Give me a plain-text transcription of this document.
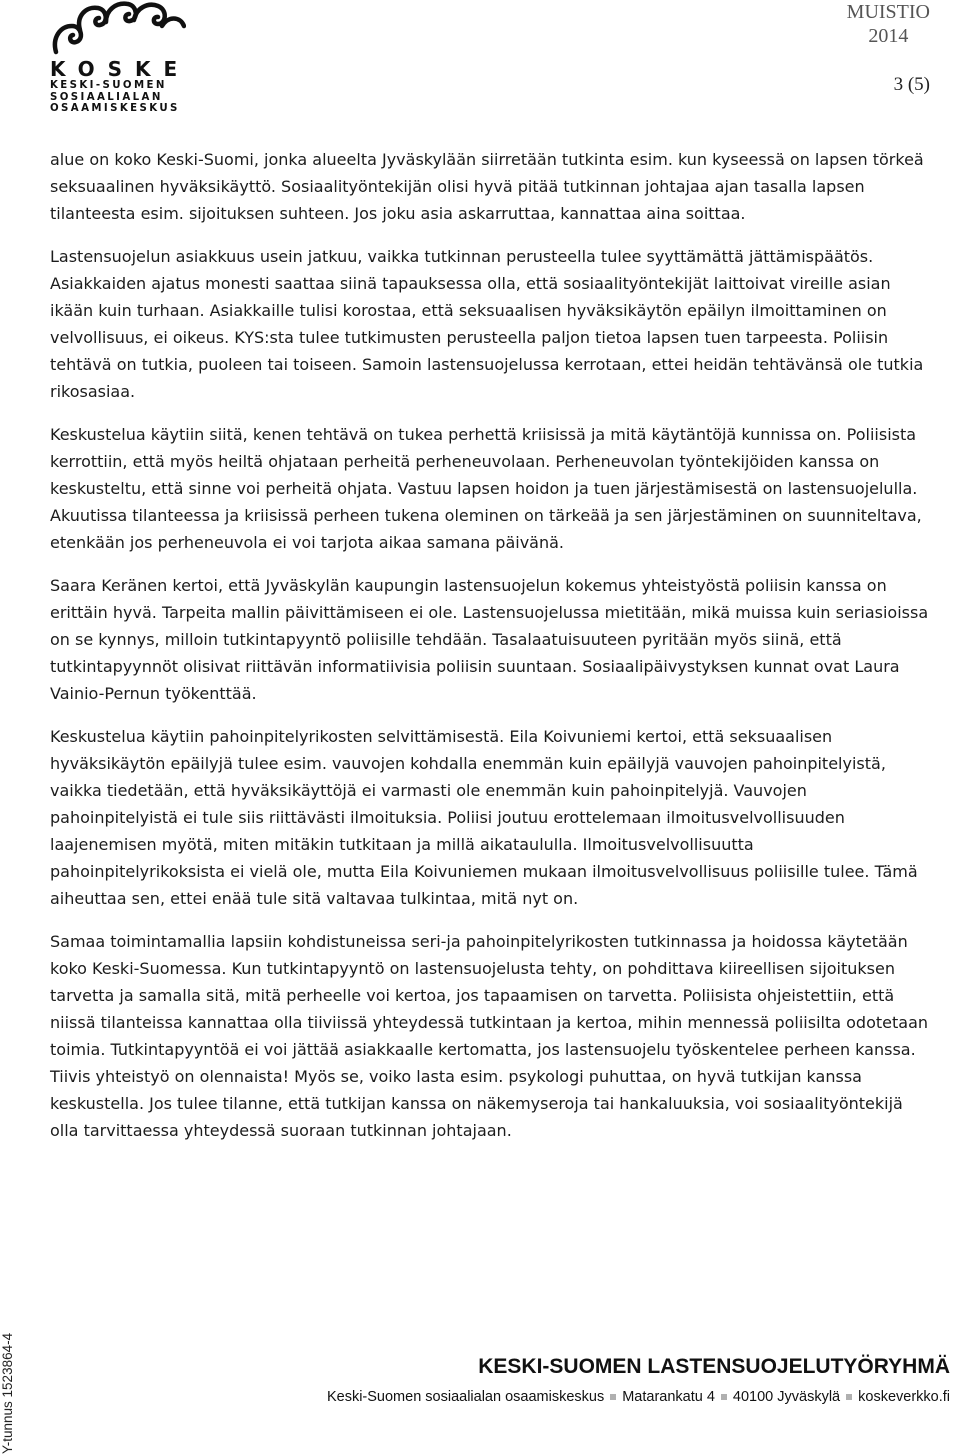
KOSKE
KESKI-SUOMEN
SOSIAALIALAN
OSAAMISKESKUS
MUISTIO
2014
3 (5)

alue on koko Keski-Suomi, jonka alueelta Jyväskylään siirretään tutkinta esim. kun kyseessä on lapsen törkeä seksuaalinen hyväksikäyttö. Sosiaalityöntekijän olisi hyvä pitää tutkinnan johtajaa ajan tasalla lapsen tilanteesta esim. sijoituksen suhteen. Jos joku asia askarruttaa, kannattaa aina soittaa.

Lastensuojelun asiakkuus usein jatkuu, vaikka tutkinnan perusteella tulee syyttämättä jättämispäätös. Asiakkaiden ajatus monesti saattaa siinä tapauksessa olla, että sosiaalityöntekijät laittoivat vireille asian ikään kuin turhaan. Asiakkaille tulisi korostaa, että seksuaalisen hyväksikäytön epäilyn ilmoittaminen on velvollisuus, ei oikeus. KYS:sta tulee tutkimusten perusteella paljon tietoa lapsen tuen tarpeesta. Poliisin tehtävä on tutkia, puoleen tai toiseen. Samoin lastensuojelussa kerrotaan, ettei heidän tehtävänsä ole tutkia rikosasiaa.

Keskustelua käytiin siitä, kenen tehtävä on tukea perhettä kriisissä ja mitä käytäntöjä kunnissa on. Poliisista kerrottiin, että myös heiltä ohjataan perheitä perheneuvolaan. Perheneuvolan työntekijöiden kanssa on keskusteltu, että sinne voi perheitä ohjata. Vastuu lapsen hoidon ja tuen järjestämisestä on lastensuojelulla. Akuutissa tilanteessa ja kriisissä perheen tukena oleminen on tärkeää ja sen järjestäminen on suunniteltava, etenkään jos perheneuvola ei voi tarjota aikaa samana päivänä.

Saara Keränen kertoi, että Jyväskylän kaupungin lastensuojelun kokemus yhteistyöstä poliisin kanssa on erittäin hyvä. Tarpeita mallin päivittämiseen ei ole. Lastensuojelussa mietitään, mikä muissa kuin seriasioissa on se kynnys, milloin tutkintapyyntö poliisille tehdään. Tasalaatuisuuteen pyritään myös siinä, että tutkintapyynnöt olisivat riittävän informatiivisia poliisin suuntaan. Sosiaalipäivystyksen kunnat ovat Laura Vainio-Pernun työkenttää.

Keskustelua käytiin pahoinpitelyrikosten selvittämisestä. Eila Koivuniemi kertoi, että seksuaalisen hyväksikäytön epäilyjä tulee esim. vauvojen kohdalla enemmän kuin epäilyjä vauvojen pahoinpitelyistä, vaikka tiedetään, että hyväksikäyttöjä ei varmasti ole enemmän kuin pahoinpitelyjä. Vauvojen pahoinpitelyistä ei tule siis riittävästi ilmoituksia. Poliisi joutuu erottelemaan ilmoitusvelvollisuuden laajenemisen myötä, miten mitäkin tutkitaan ja millä aikataululla. Ilmoitusvelvollisuutta pahoinpitelyrikoksista ei vielä ole, mutta Eila Koivuniemen mukaan ilmoitusvelvollisuus poliisille tulee. Tämä aiheuttaa sen, ettei enää tule sitä valtavaa tulkintaa, mitä nyt on.

Samaa toimintamallia lapsiin kohdistuneissa seri-ja pahoinpitelyrikosten tutkinnassa ja hoidossa käytetään koko Keski-Suomessa. Kun tutkintapyyntö on lastensuojelusta tehty, on pohdittava kiireellisen sijoituksen tarvetta ja samalla sitä, mitä perheelle voi kertoa, jos tapaamisen on tarvetta. Poliisista ohjeistettiin, että niissä tilanteissa kannattaa olla tiiviissä yhteydessä tutkintaan ja kertoa, mihin mennessä poliisilta odotetaan toimia. Tutkintapyyntöä ei voi jättää asiakkaalle kertomatta, jos lastensuojelu työskentelee perheen kanssa. Tiivis yhteistyö on olennaista! Myös se, voiko lasta esim. psykologi puhuttaa, on hyvä tutkijan kanssa keskustella. Jos tulee tilanne, että tutkijan kanssa on näkemyseroja tai hankaluuksia, voi sosiaalityöntekijä olla tarvittaessa yhteydessä suoraan tutkinnan johtajaan.

Y-tunnus 1523864-4	KESKI-SUOMEN LASTENSUOJELUTYÖRYHMÄ
Keski-Suomen sosiaalialan osaamiskeskus Matarankatu 4 40100 Jyväskylä koskeverkko.fi
